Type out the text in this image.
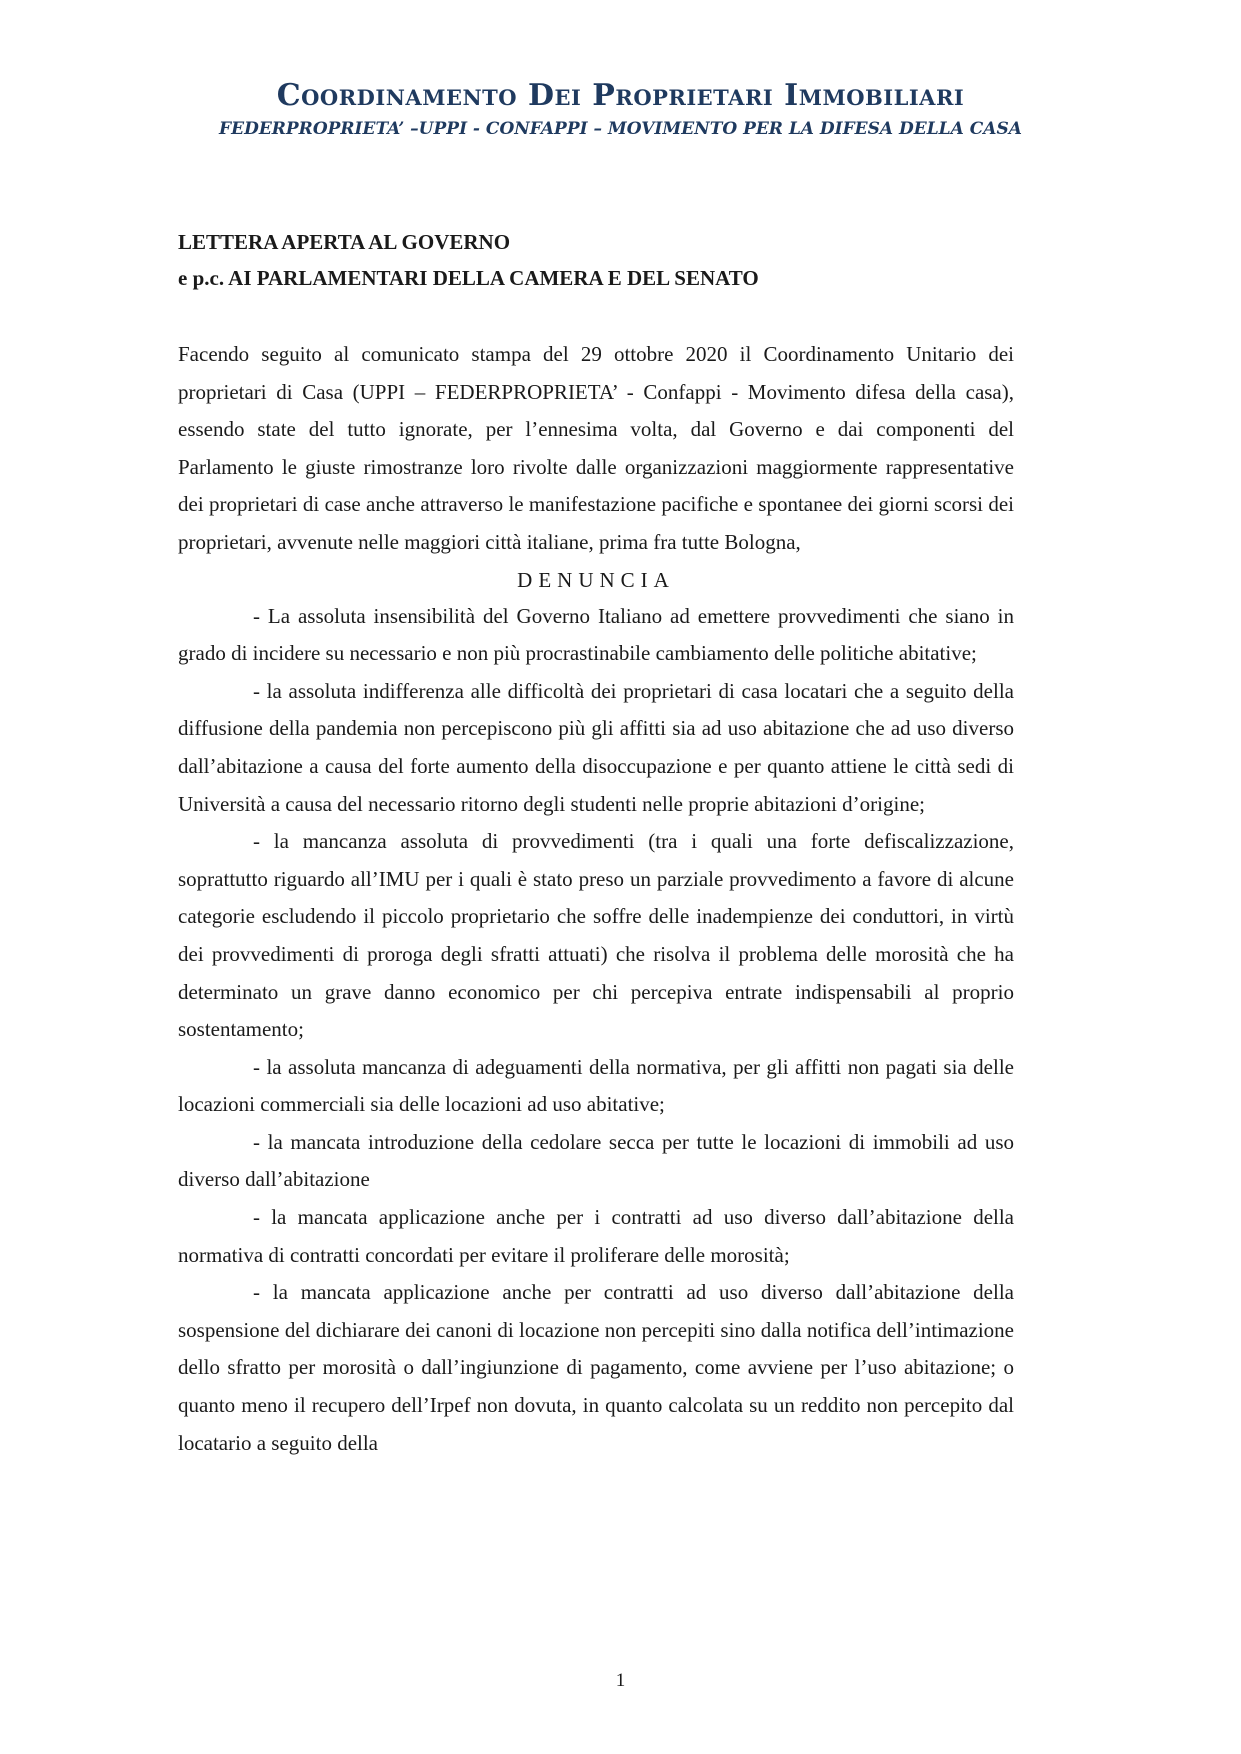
Coordinamento Dei Proprietari Immobiliari
FEDERPROPRIETA’ –UPPI - CONFAPPI – MOVIMENTO PER LA DIFESA DELLA CASA

LETTERA APERTA AL GOVERNO

e p.c. AI PARLAMENTARI DELLA CAMERA E DEL SENATO

Facendo seguito al comunicato stampa del 29 ottobre 2020 il Coordinamento Unitario dei proprietari di Casa (UPPI – FEDERPROPRIETA’ - Confappi - Movimento difesa della casa), essendo state del tutto ignorate, per l’ennesima volta, dal Governo e dai componenti del Parlamento le giuste rimostranze loro rivolte dalle organizzazioni maggiormente rappresentative dei proprietari di case anche attraverso le manifestazione pacifiche e spontanee dei giorni scorsi dei proprietari, avvenute nelle maggiori città italiane, prima fra tutte Bologna,

DENUNCIA

- La assoluta insensibilità del Governo Italiano ad emettere provvedimenti che siano in grado di incidere su necessario e non più procrastinabile cambiamento delle politiche abitative;

- la assoluta indifferenza alle difficoltà dei proprietari di casa locatari che a seguito della diffusione della pandemia non percepiscono più gli affitti sia ad uso abitazione che ad uso diverso dall’abitazione a causa del forte aumento della disoccupazione e per quanto attiene le città sedi di Università a causa del necessario ritorno degli studenti nelle proprie abitazioni d’origine;

- la mancanza assoluta di provvedimenti (tra i quali una forte defiscalizzazione, soprattutto riguardo all’IMU per i quali è stato preso un parziale provvedimento a favore di alcune categorie escludendo il piccolo proprietario che soffre delle inadempienze dei conduttori, in virtù dei provvedimenti di proroga degli sfratti attuati) che risolva il problema delle morosità che ha determinato un grave danno economico per chi percepiva entrate indispensabili al proprio sostentamento;

- la assoluta mancanza di adeguamenti della normativa, per gli affitti non pagati sia delle locazioni commerciali sia delle locazioni ad uso abitative;

- la mancata introduzione della cedolare secca per tutte le locazioni di immobili ad uso diverso dall’abitazione

- la mancata applicazione anche per i contratti ad uso diverso dall’abitazione della normativa di contratti concordati per evitare il proliferare delle morosità;

- la mancata applicazione anche per contratti ad uso diverso dall’abitazione della sospensione del dichiarare dei canoni di locazione non percepiti sino dalla notifica dell’intimazione dello sfratto per morosità o dall’ingiunzione di pagamento, come avviene per l’uso abitazione; o quanto meno il recupero dell’Irpef non dovuta, in quanto calcolata su un reddito non percepito dal locatario a seguito della

1
